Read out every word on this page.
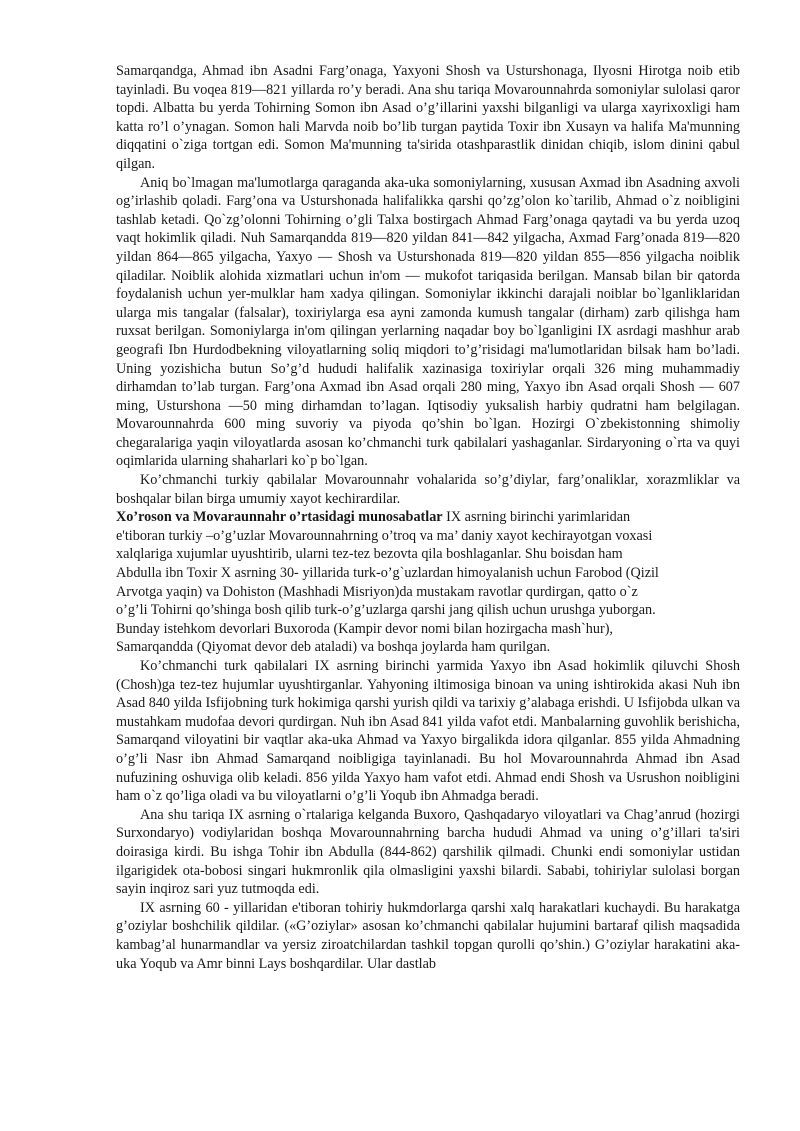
Samarqandga, Ahmad ibn Asadni Farg’onaga, Yaxyoni Shosh va Usturshonaga, Ilyosni Hirotga noib etib tayinladi. Bu voqea 819—821 yillarda ro’y beradi. Ana shu tariqa Movarounnahrda somoniylar sulolasi qaror topdi. Albatta bu yerda Tohirning Somon ibn Asad o’g’illarini yaxshi bilganligi va ularga xayrixoxligi ham katta ro’l o’ynagan. Somon hali Marvda noib bo’lib turgan paytida Toxir ibn Xusayn va halifa Ma'munning diqqatini o`ziga tortgan edi. Somon Ma'munning ta'sirida otashparastlik dinidan chiqib, islom dinini qabul qilgan.

Aniq bo`lmagan ma'lumotlarga qaraganda aka-uka somoniylarning, xususan Axmad ibn Asadning axvoli og’irlashib qoladi. Farg’ona va Usturshonada halifalikka qarshi qo’zg’olon ko`tarilib, Ahmad o`z noibligini tashlab ketadi. Qo`zg’olonni Tohirning o’gli Talxa bostirgach Ahmad Farg’onaga qaytadi va bu yerda uzoq vaqt hokimlik qiladi. Nuh Samarqandda 819—820 yildan 841—842 yilgacha, Axmad Farg’onada 819—820 yildan 864—865 yilgacha, Yaxyo — Shosh va Usturshonada 819—820 yildan 855—856 yilgacha noiblik qiladilar. Noiblik alohida xizmatlari uchun in'om — mukofot tariqasida berilgan. Mansab bilan bir qatorda foydalanish uchun yer-mulklar ham xadya qilingan. Somoniylar ikkinchi darajali noiblar bo`lganliklaridan ularga mis tangalar (falsalar), toxiriylarga esa ayni zamonda kumush tangalar (dirham) zarb qilishga ham ruxsat berilgan. Somoniylarga in'om qilingan yerlarning naqadar boy bo`lganligini IX asrdagi mashhur arab geografi Ibn Hurdodbekning viloyatlarning soliq miqdori to’g’risidagi ma'lumotlaridan bilsak ham bo’ladi. Uning yozishicha butun So’g’d hududi halifalik xazinasiga toxiriylar orqali 326 ming muhammadiy dirhamdan to’lab turgan. Farg’ona Axmad ibn Asad orqali 280 ming, Yaxyo ibn Asad orqali Shosh — 607 ming, Usturshona —50 ming dirhamdan to’lagan. Iqtisodiy yuksalish harbiy qudratni ham belgilagan. Movarounnahrda 600 ming suvoriy va piyoda qo’shin bo`lgan. Hozirgi O`zbekistonning shimoliy chegaralariga yaqin viloyatlarda asosan ko’chmanchi turk qabilalari yashaganlar. Sirdaryoning o`rta va quyi oqimlarida ularning shaharlari ko`p bo`lgan.

Ko’chmanchi turkiy qabilalar Movarounnahr vohalarida so’g’diylar, farg’onaliklar, xorazmliklar va boshqalar bilan birga umumiy xayot kechirardilar.

Xo’roson va Movaraunnahr o’rtasidagi munosabatlar IX asrning birinchi yarimlaridan
e'tiboran turkiy –o’g’uzlar Movarounnahrning o’troq va ma’ daniy xayot kechirayotgan voxasi
xalqlariga xujumlar uyushtirib, ularni tez-tez bezovta qila boshlaganlar. Shu boisdan ham
Abdulla ibn Toxir X asrning 30- yillarida turk-o’g`uzlardan himoyalanish uchun Farobod (Qizil
Arvotga yaqin) va Dohiston (Mashhadi Misriyon)da mustakam ravotlar qurdirgan, qatto o`z
o’g’li Tohirni qo’shinga bosh qilib turk-o’g’uzlarga qarshi jang qilish uchun urushga yuborgan.
Bunday istehkom devorlari Buxoroda (Kampir devor nomi bilan hozirgacha mash`hur),
Samarqandda (Qiyomat devor deb ataladi) va boshqa joylarda ham qurilgan.

Ko’chmanchi turk qabilalari IX asrning birinchi yarmida Yaxyo ibn Asad hokimlik qiluvchi Shosh (Chosh)ga tez-tez hujumlar uyushtirganlar. Yahyoning iltimosiga binoan va uning ishtirokida akasi Nuh ibn Asad 840 yilda Isfijobning turk hokimiga qarshi yurish qildi va tarixiy g’alabaga erishdi. U Isfijobda ulkan va mustahkam mudofaa devori qurdirgan. Nuh ibn Asad 841 yilda vafot etdi. Manbalarning guvohlik berishicha, Samarqand viloyatini bir vaqtlar aka-uka Ahmad va Yaxyo birgalikda idora qilganlar. 855 yilda Ahmadning o’g’li Nasr ibn Ahmad Samarqand noibligiga tayinlanadi. Bu hol Movarounnahrda Ahmad ibn Asad nufuzining oshuviga olib keladi. 856 yilda Yaxyo ham vafot etdi. Ahmad endi Shosh va Usrushon noibligini ham o`z qo’liga oladi va bu viloyatlarni o’g’li Yoqub ibn Ahmadga beradi.

Ana shu tariqa IX asrning o`rtalariga kelganda Buxoro, Qashqadaryo viloyatlari va Chag’anrud (hozirgi Surxondaryo) vodiylaridan boshqa Movarounnahrning barcha hududi Ahmad va uning o’g’illari ta'siri doirasiga kirdi. Bu ishga Tohir ibn Abdulla (844-862) qarshilik qilmadi. Chunki endi somoniylar ustidan ilgarigidek ota-bobosi singari hukmronlik qila olmasligini yaxshi bilardi. Sababi, tohiriylar sulolasi borgan sayin inqiroz sari yuz tutmoqda edi.

IX asrning 60 - yillaridan e'tiboran tohiriy hukmdorlarga qarshi xalq harakatlari kuchaydi. Bu harakatga g’oziylar boshchilik qildilar. («G’oziylar» asosan ko’chmanchi qabilalar hujumini bartaraf qilish maqsadida kambag’al hunarmandlar va yersiz ziroatchilardan tashkil topgan qurolli qo’shin.) G’oziylar harakatini aka-uka Yoqub va Amr binni Lays boshqardilar. Ular dastlab
